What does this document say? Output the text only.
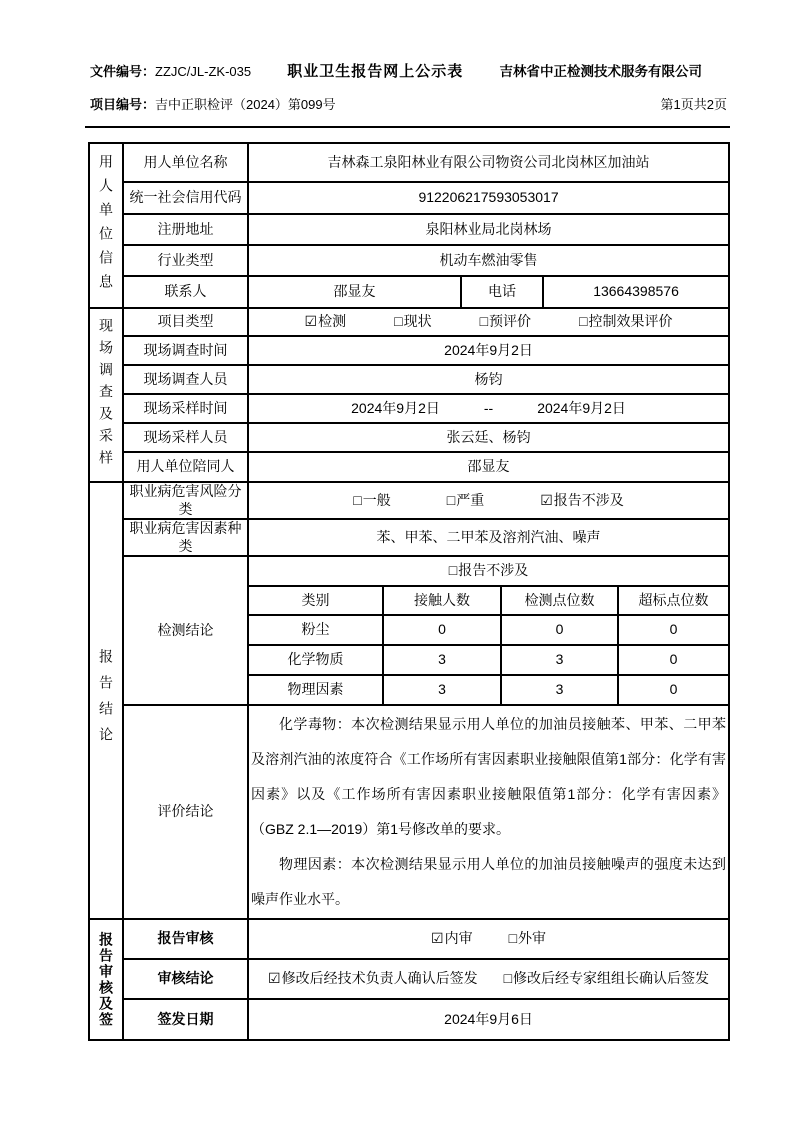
文件编号：ZZJC/JL-ZK-035 职业卫生报告网上公示表	吉林省中正检测技术服务有限公司
项目编号：吉中正职检评（2024）第099号	第1页共2页
用人单位信息	用人单位名称	吉林森工泉阳林业有限公司物资公司北岗林区加油站					
	统一社会信用代码	912206217593053017					
	注册地址	泉阳林业局北岗林场					
	行业类型	机动车燃油零售					
	联系人	邵显友		电话		13664398576	

现场调查及采样	项目类型	☑检测 □现状 □预评价 □控制效果评价					

	现场调查时间	2024年9月2日					
	现场调查人员	杨钧					
	现场采样时间	2024年9月2日 -- 2024年9月2日					

	现场采样人员	张云廷、杨钧					
	用人单位陪同人	邵显友					

报告结论	职业病危害风险分类	□一般 □严重 ☑报告不涉及					

	职业病危害因素种类	苯、甲苯、二甲苯及溶剂汽油、噪声					
	检测结论	□报告不涉及					
		类别	接触人数		检测点位数		超标点位数
		粉尘	0		0		0
		化学物质	3		3		0
		物理因素	3		3		0
	评价结论	化学毒物：本次检测结果显示用人单位的加油员接触苯、甲苯、二甲苯及溶剂汽油的浓度符合《工作场所有害因素职业接触限值第1部分：化学有害因素》以及《工作场所有害因素职业接触限值第1部分：化学有害因素》（GBZ 2.1—2019）第1号修改单的要求。

物理因素：本次检测结果显示用人单位的加油员接触噪声的强度未达到噪声作业水平。					

报告审核及签	报告审核	☑内审 □外审					

	审核结论	☑修改后经技术负责人确认后签发 □修改后经专家组组长确认后签发					

	签发日期	2024年9月6日					
